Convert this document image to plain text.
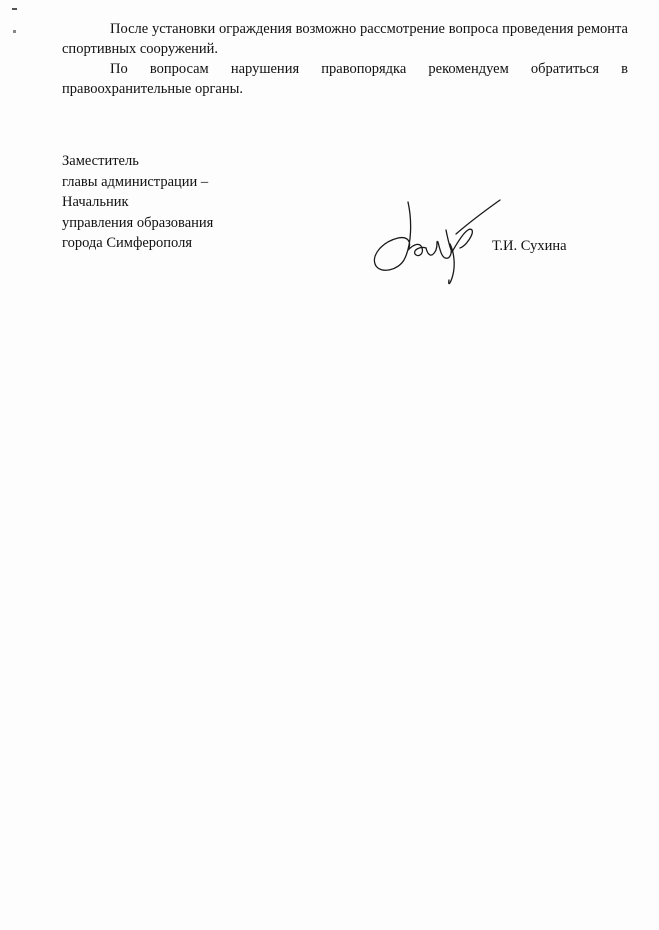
После установки ограждения возможно рассмотрение вопроса проведения ремонта спортивных сооружений.

По вопросам нарушения правопорядка рекомендуем обратиться в правоохранительные органы.

Заместитель
главы администрации –
Начальник
управления образования
города Симферополя	Т.И. Сухина
